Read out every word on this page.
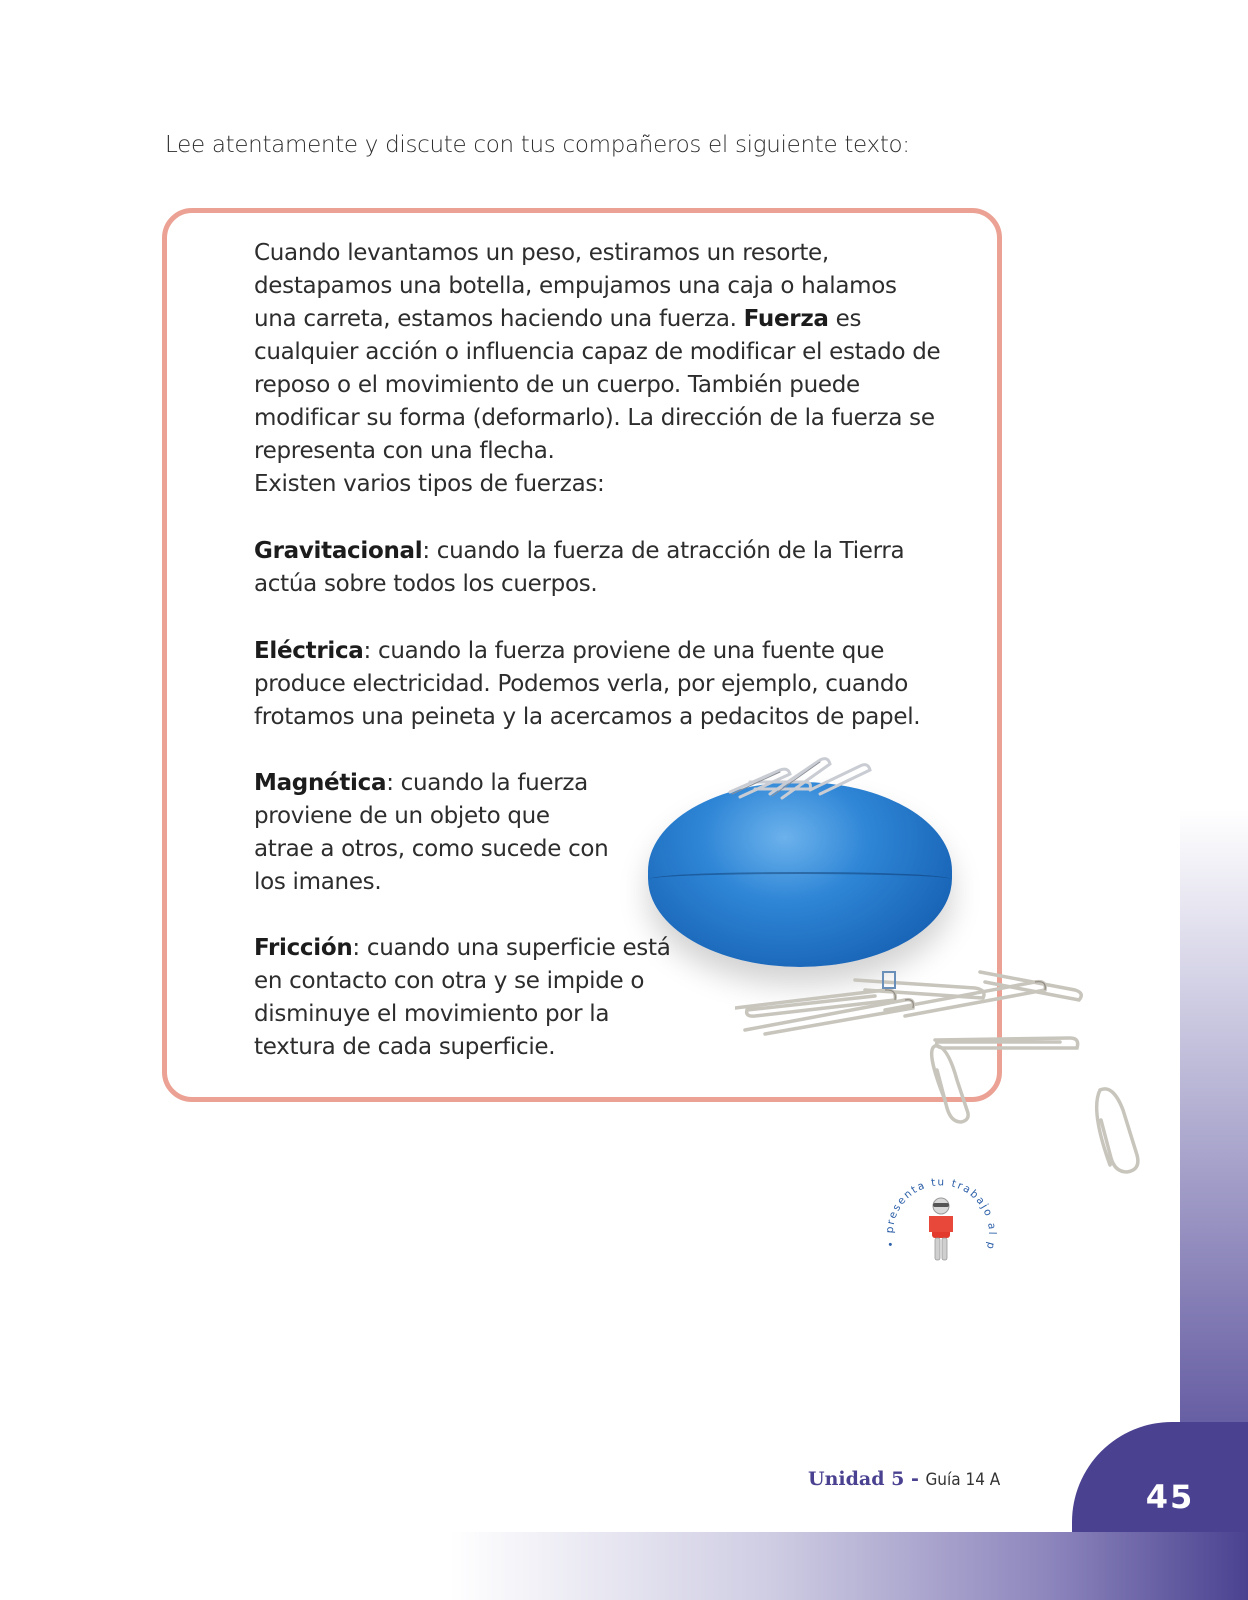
45

Lee atentamente y discute con tus compañeros el siguiente texto:

Cuando levantamos un peso, estiramos un resorte, destapamos una botella, empujamos una caja o halamos una carreta, estamos haciendo una fuerza. Fuerza es cualquier acción o influencia capaz de modificar el estado de reposo o el movimiento de un cuerpo. También puede modificar su forma (deformarlo). La dirección de la fuerza se representa con una flecha.
Existen varios tipos de fuerzas:

Gravitacional: cuando la fuerza de atracción de la Tierra actúa sobre todos los cuerpos.

Eléctrica: cuando la fuerza proviene de una fuente que produce electricidad. Podemos verla, por ejemplo, cuando frotamos una peineta y la acercamos a pedacitos de papel.

Magnética: cuando la fuerza proviene de un objeto que atrae a otros, como sucede con los imanes.

Fricción: cuando una superficie está en contacto con otra y se impide o disminuye el movimiento por la textura de cada superficie.

• presenta tu trabajo al p
Unidad 5 - Guía 14 A
